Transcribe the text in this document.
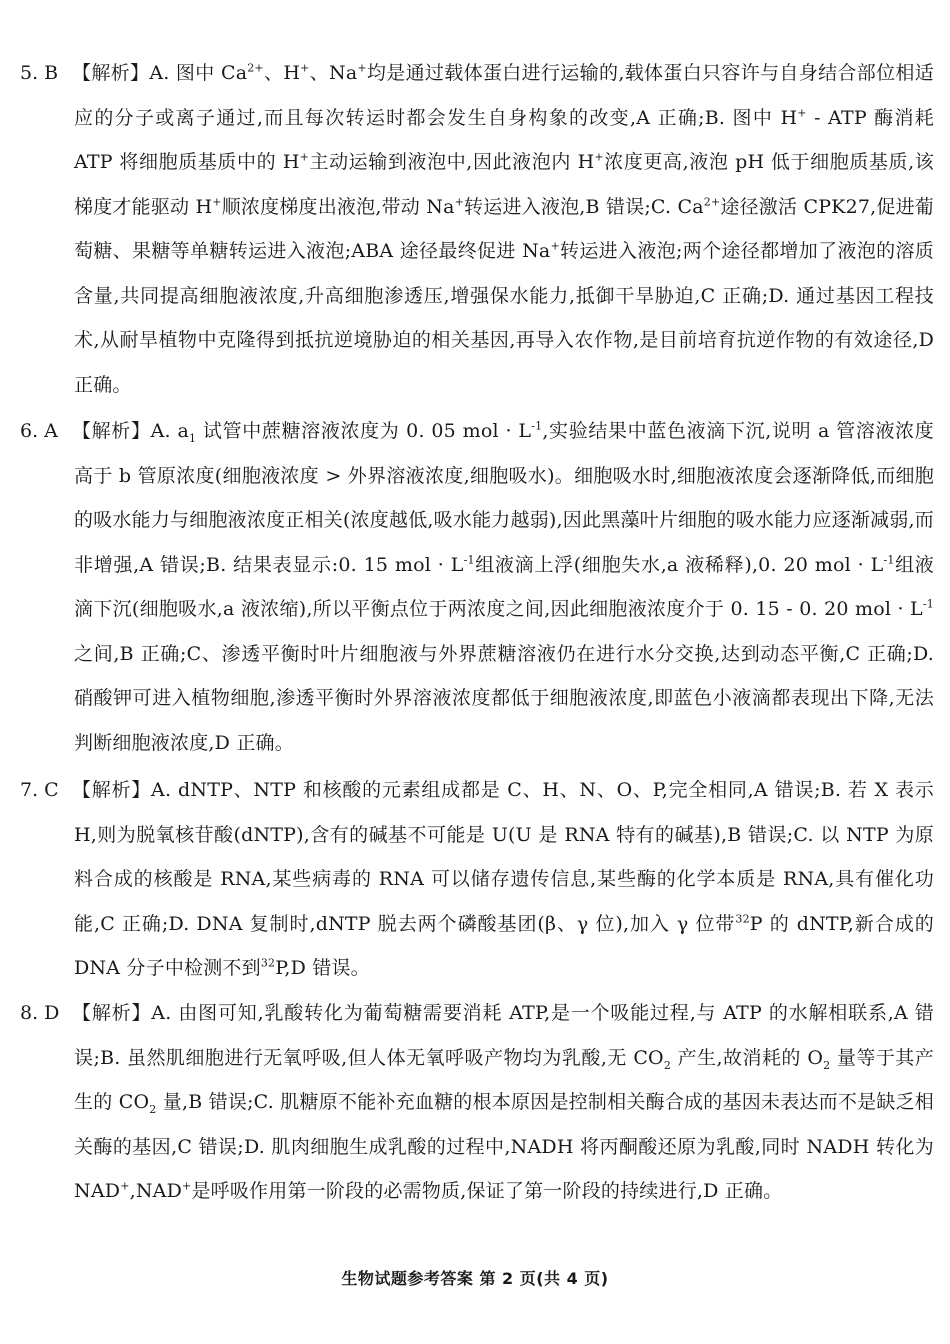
5. B 【解析】A. 图中 $Ca^{2+}$、H+、Na+均是通过载体蛋白进行运输的,载体蛋白只容许与自身结合部位相适应的分子或离子通过,而且每次转运时都会发生自身构象的改变,A 正确;B. 图中 H+ - ATP 酶消耗 ATP 将细胞质基质中的 H+主动运输到液泡中,因此液泡内 H+浓度更高,液泡 pH 低于细胞质基质,该梯度才能驱动 H+顺浓度梯度出液泡,带动 Na+转运进入液泡,B 错误;C. $Ca^{2+}$途径激活 CPK27,促进葡萄糖、果糖等单糖转运进入液泡;ABA 途径最终促进 Na+转运进入液泡;两个途径都增加了液泡的溶质含量,共同提高细胞液浓度,升高细胞渗透压,增强保水能力,抵御干旱胁迫,C 正确;D. 通过基因工程技术,从耐旱植物中克隆得到抵抗逆境胁迫的相关基因,再导入农作物,是目前培育抗逆作物的有效途径,D 正确。
6. A 【解析】A. $a_1$ 试管中蔗糖溶液浓度为 0. 05 mol · $L^{-1}$,实验结果中蓝色液滴下沉,说明 a 管溶液浓度高于 b 管原浓度(细胞液浓度 > 外界溶液浓度,细胞吸水)。细胞吸水时,细胞液浓度会逐渐降低,而细胞的吸水能力与细胞液浓度正相关(浓度越低,吸水能力越弱),因此黑藻叶片细胞的吸水能力应逐渐减弱,而非增强,A 错误;B. 结果表显示:0. 15 mol · $L^{-1}$组液滴上浮(细胞失水,a 液稀释),0. 20 mol · $L^{-1}$组液滴下沉(细胞吸水,a 液浓缩),所以平衡点位于两浓度之间,因此细胞液浓度介于 0. 15 - 0. 20 mol · $L^{-1}$之间,B 正确;C、渗透平衡时叶片细胞液与外界蔗糖溶液仍在进行水分交换,达到动态平衡,C 正确;D. 硝酸钾可进入植物细胞,渗透平衡时外界溶液浓度都低于细胞液浓度,即蓝色小液滴都表现出下降,无法判断细胞液浓度,D 正确。
7. C 【解析】A. dNTP、NTP 和核酸的元素组成都是 C、H、N、O、P,完全相同,A 错误;B. 若 X 表示 H,则为脱氧核苷酸(dNTP),含有的碱基不可能是 U(U 是 RNA 特有的碱基),B 错误;C. 以 NTP 为原料合成的核酸是 RNA,某些病毒的 RNA 可以储存遗传信息,某些酶的化学本质是 RNA,具有催化功能,C 正确;D. DNA 复制时,dNTP 脱去两个磷酸基团(β、γ 位),加入 γ 位带$^{32}$P 的 dNTP,新合成的 DNA 分子中检测不到$^{32}$P,D 错误。
8. D 【解析】A. 由图可知,乳酸转化为葡萄糖需要消耗 ATP,是一个吸能过程,与 ATP 的水解相联系,A 错误;B. 虽然肌细胞进行无氧呼吸,但人体无氧呼吸产物均为乳酸,无 $CO_2$ 产生,故消耗的 $O_2$ 量等于其产生的 $CO_2$ 量,B 错误;C. 肌糖原不能补充血糖的根本原因是控制相关酶合成的基因未表达而不是缺乏相关酶的基因,C 错误;D. 肌肉细胞生成乳酸的过程中,NADH 将丙酮酸还原为乳酸,同时 NADH 转化为 NAD+,NAD+是呼吸作用第一阶段的必需物质,保证了第一阶段的持续进行,D 正确。
生物试题参考答案 第 2 页(共 4 页)
